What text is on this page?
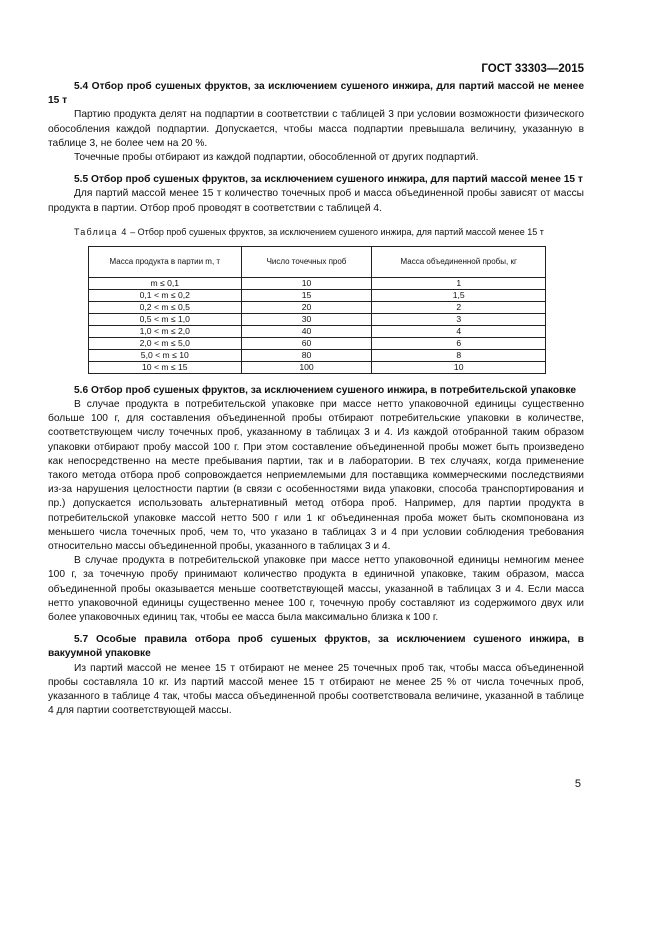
ГОСТ 33303—2015

5.4 Отбор проб сушеных фруктов, за исключением сушеного инжира, для партий массой не менее 15 т

Партию продукта делят на подпартии в соответствии с таблицей 3 при условии возможности физического обособления каждой подпартии. Допускается, чтобы масса подпартии превышала величину, указанную в таблице 3, не более чем на 20 %.

Точечные пробы отбирают из каждой подпартии, обособленной от других подпартий.

5.5 Отбор проб сушеных фруктов, за исключением сушеного инжира, для партий массой менее 15 т

Для партий массой менее 15 т количество точечных проб и масса объединенной пробы зависят от массы продукта в партии. Отбор проб проводят в соответствии с таблицей 4.

Таблица 4 – Отбор проб сушеных фруктов, за исключением сушеного инжира, для партий массой менее 15 т
Масса продукта в партии m, т	Число точечных проб	Масса объединенной пробы, кг
m ≤ 0,1	10	1
0,1 < m ≤ 0,2	15	1,5
0,2 < m ≤ 0,5	20	2
0,5 < m ≤ 1,0	30	3
1,0 < m ≤ 2,0	40	4
2,0 < m ≤ 5,0	60	6
5,0 < m ≤ 10	80	8
10 < m ≤ 15	100	10

5.6 Отбор проб сушеных фруктов, за исключением сушеного инжира, в потребительской упаковке

В случае продукта в потребительской упаковке при массе нетто упаковочной единицы существенно больше 100 г, для составления объединенной пробы отбирают потребительские упаковки в количестве, соответствующем числу точечных проб, указанному в таблицах 3 и 4. Из каждой отобранной таким образом упаковки отбирают пробу массой 100 г. При этом составление объединенной пробы может быть произведено как непосредственно на месте пребывания партии, так и в лаборатории. В тех случаях, когда применение такого метода отбора проб сопровождается неприемлемыми для поставщика коммерческими последствиями из-за нарушения целостности партии (в связи с особенностями вида упаковки, способа транспортирования и пр.) допускается использовать альтернативный метод отбора проб. Например, для партии продукта в потребительской упаковке массой нетто 500 г или 1 кг объединенная проба может быть скомпонована из меньшего числа точечных проб, чем то, что указано в таблицах 3 и 4 при условии соблюдения требования относительно массы объединенной пробы, указанного в таблицах 3 и 4.

В случае продукта в потребительской упаковке при массе нетто упаковочной единицы немногим менее 100 г, за точечную пробу принимают количество продукта в единичной упаковке, таким образом, масса объединенной пробы оказывается меньше соответствующей массы, указанной в таблицах 3 и 4. Если масса нетто упаковочной единицы существенно менее 100 г, точечную пробу составляют из содержимого двух или более упаковочных единиц так, чтобы ее масса была максимально близка к 100 г.

5.7 Особые правила отбора проб сушеных фруктов, за исключением сушеного инжира, в вакуумной упаковке

Из партий массой не менее 15 т отбирают не менее 25 точечных проб так, чтобы масса объединенной пробы составляла 10 кг. Из партий массой менее 15 т отбирают не менее 25 % от числа точечных проб, указанного в таблице 4 так, чтобы масса объединенной пробы соответствовала величине, указанной в таблице 4 для партии соответствующей массы.

5
